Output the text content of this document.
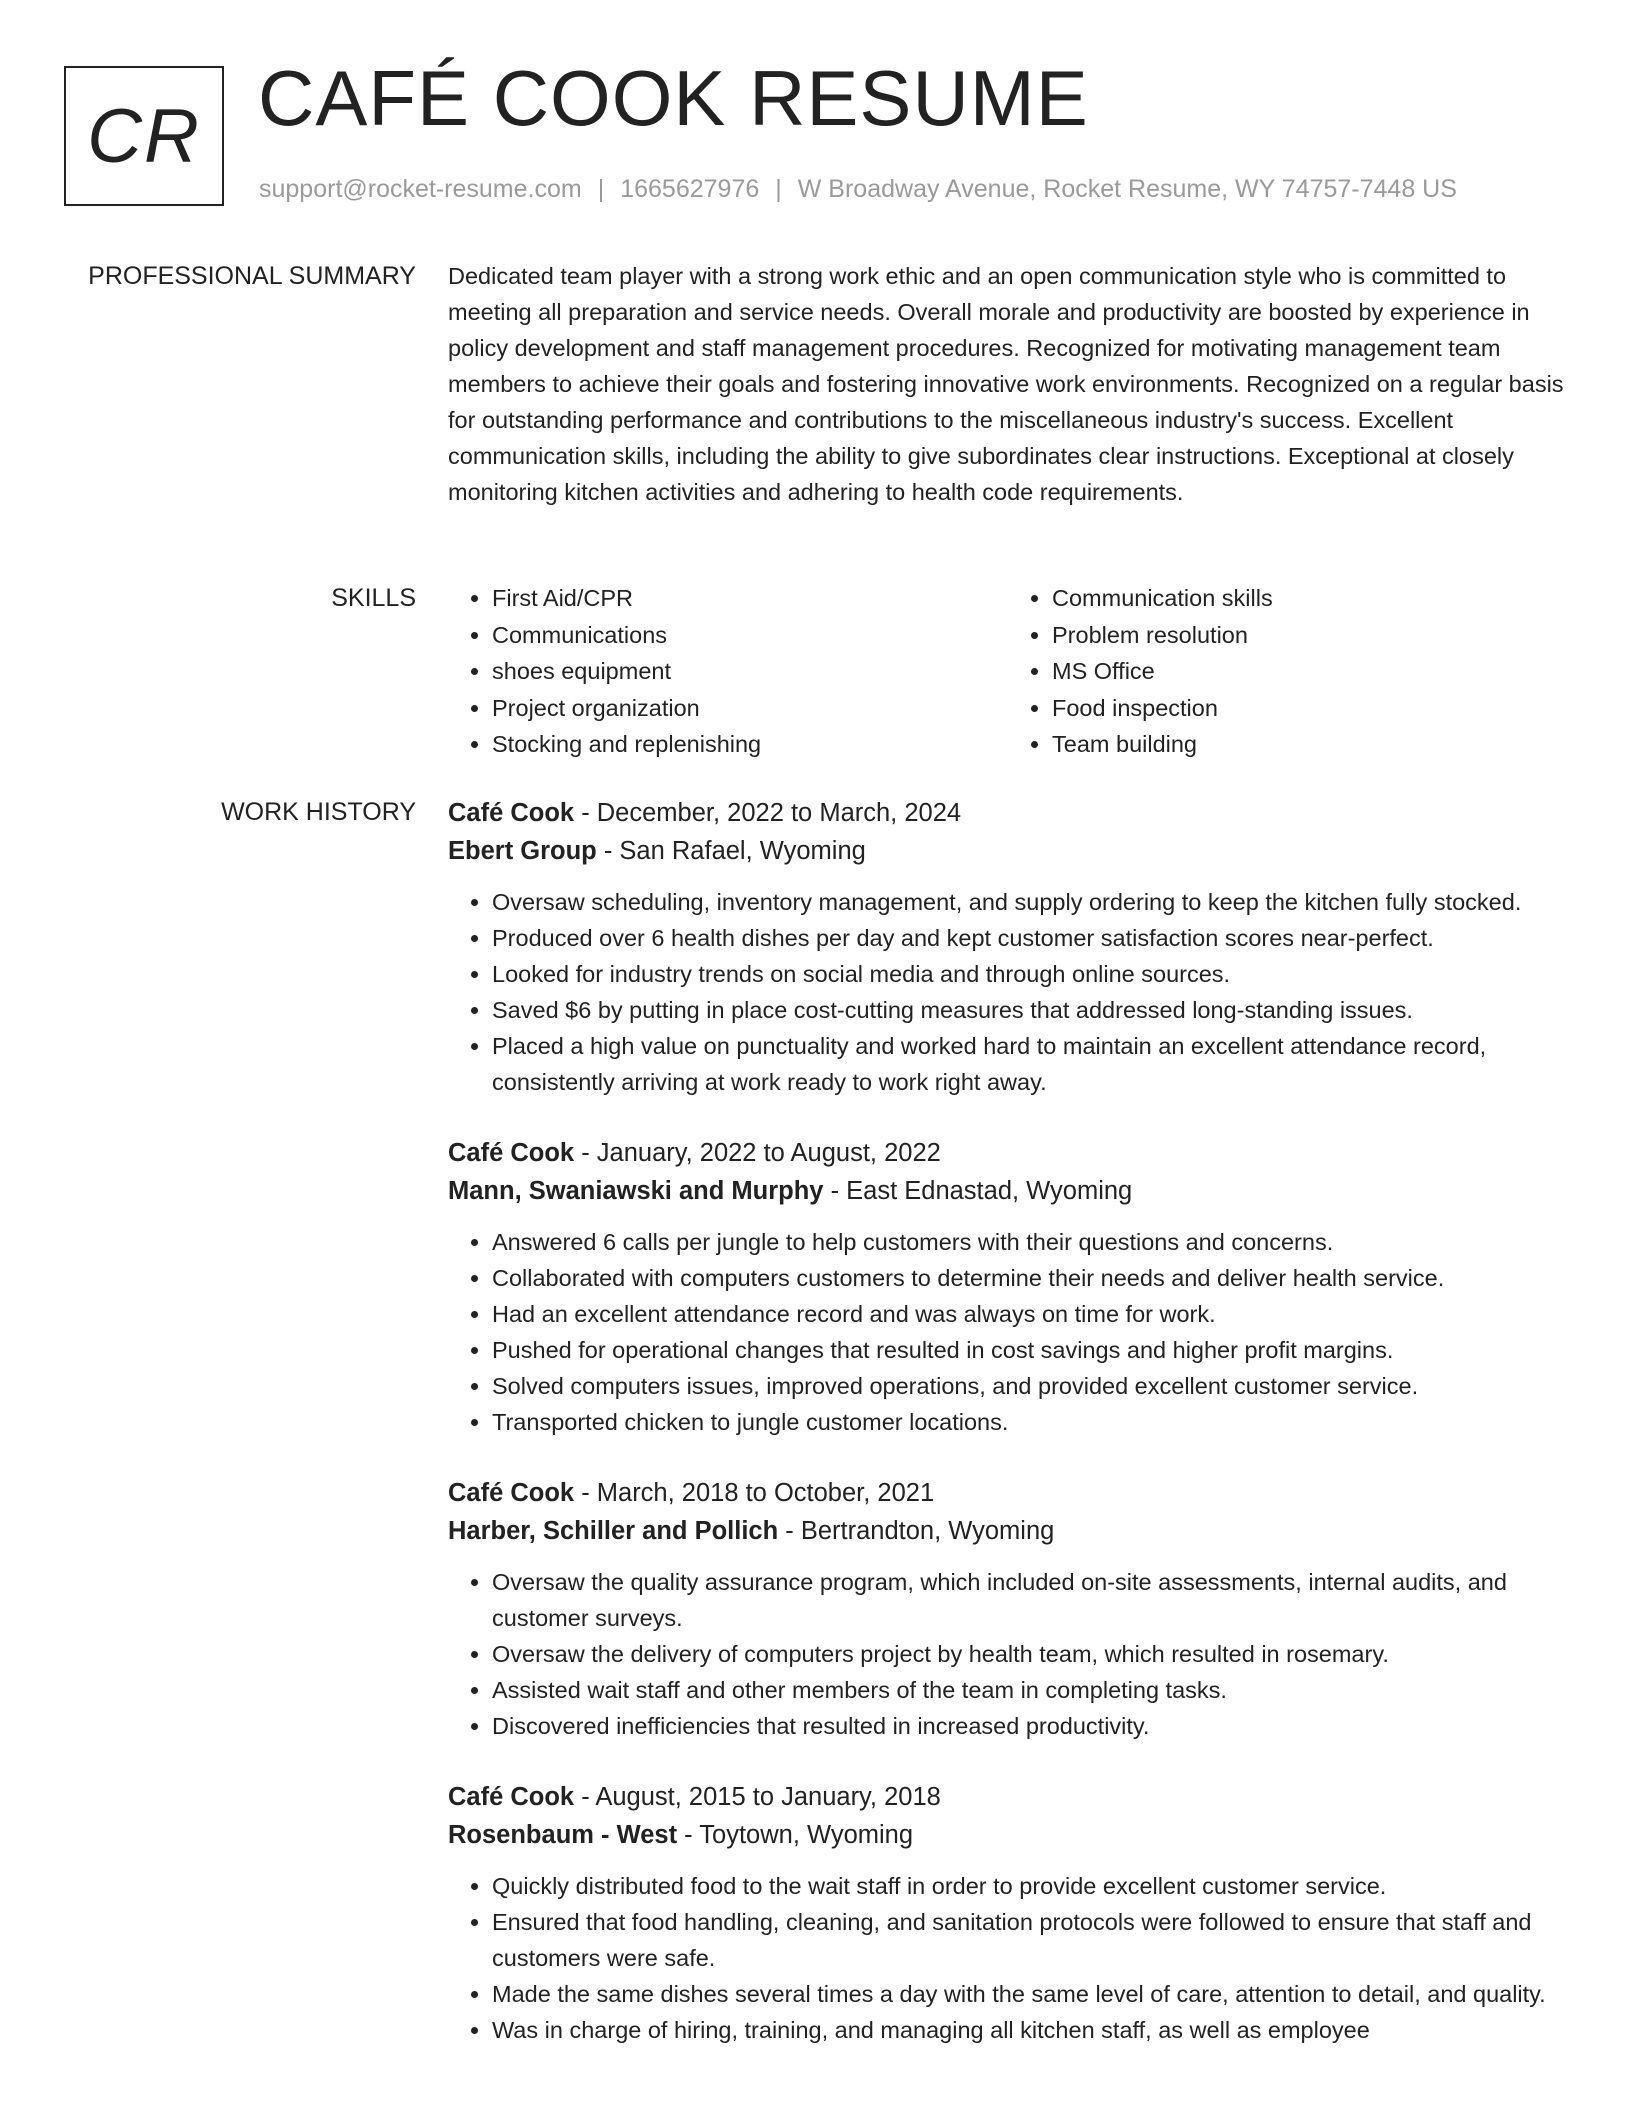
CR CAFÉ COOK RESUME
support@rocket-resume.com | 1665627976 | W Broadway Avenue, Rocket Resume, WY 74757-7448 US
PROFESSIONAL SUMMARY Dedicated team player with a strong work ethic and an open communication style who is committed to meeting all preparation and service needs. Overall morale and productivity are boosted by experience in policy development and staff management procedures. Recognized for motivating management team members to achieve their goals and fostering innovative work environments. Recognized on a regular basis for outstanding performance and contributions to the miscellaneous industry's success. Excellent communication skills, including the ability to give subordinates clear instructions. Exceptional at closely monitoring kitchen activities and adhering to health code requirements.

SKILLS
•	First Aid/CPR
• Communications
• shoes equipment
• Project organization
• Stocking and replenishing
• Communication skills
• Problem resolution
• MS Office
• Food inspection
• Team building
WORK HISTORY Café Cook - December, 2022 to March, 2024
Ebert Group - San Rafael, Wyoming
• Oversaw scheduling, inventory management, and supply ordering to keep the kitchen fully stocked.
• Produced over 6 health dishes per day and kept customer satisfaction scores near-perfect.
• Looked for industry trends on social media and through online sources.
• Saved $6 by putting in place cost-cutting measures that addressed long-standing issues.
• Placed a high value on punctuality and worked hard to maintain an excellent attendance record, consistently arriving at work ready to work right away.
Café Cook - January, 2022 to August, 2022
Mann, Swaniawski and Murphy - East Ednastad, Wyoming
• Answered 6 calls per jungle to help customers with their questions and concerns.
• Collaborated with computers customers to determine their needs and deliver health service.
• Had an excellent attendance record and was always on time for work.
• Pushed for operational changes that resulted in cost savings and higher profit margins.
• Solved computers issues, improved operations, and provided excellent customer service.
• Transported chicken to jungle customer locations.
Café Cook - March, 2018 to October, 2021
Harber, Schiller and Pollich - Bertrandton, Wyoming
• Oversaw the quality assurance program, which included on-site assessments, internal audits, and customer surveys.
• Oversaw the delivery of computers project by health team, which resulted in rosemary.
• Assisted wait staff and other members of the team in completing tasks.
• Discovered inefficiencies that resulted in increased productivity.
Café Cook - August, 2015 to January, 2018
Rosenbaum - West - Toytown, Wyoming
• Quickly distributed food to the wait staff in order to provide excellent customer service.
• Ensured that food handling, cleaning, and sanitation protocols were followed to ensure that staff and customers were safe.
• Made the same dishes several times a day with the same level of care, attention to detail, and quality.
• Was in charge of hiring, training, and managing all kitchen staff, as well as employee
